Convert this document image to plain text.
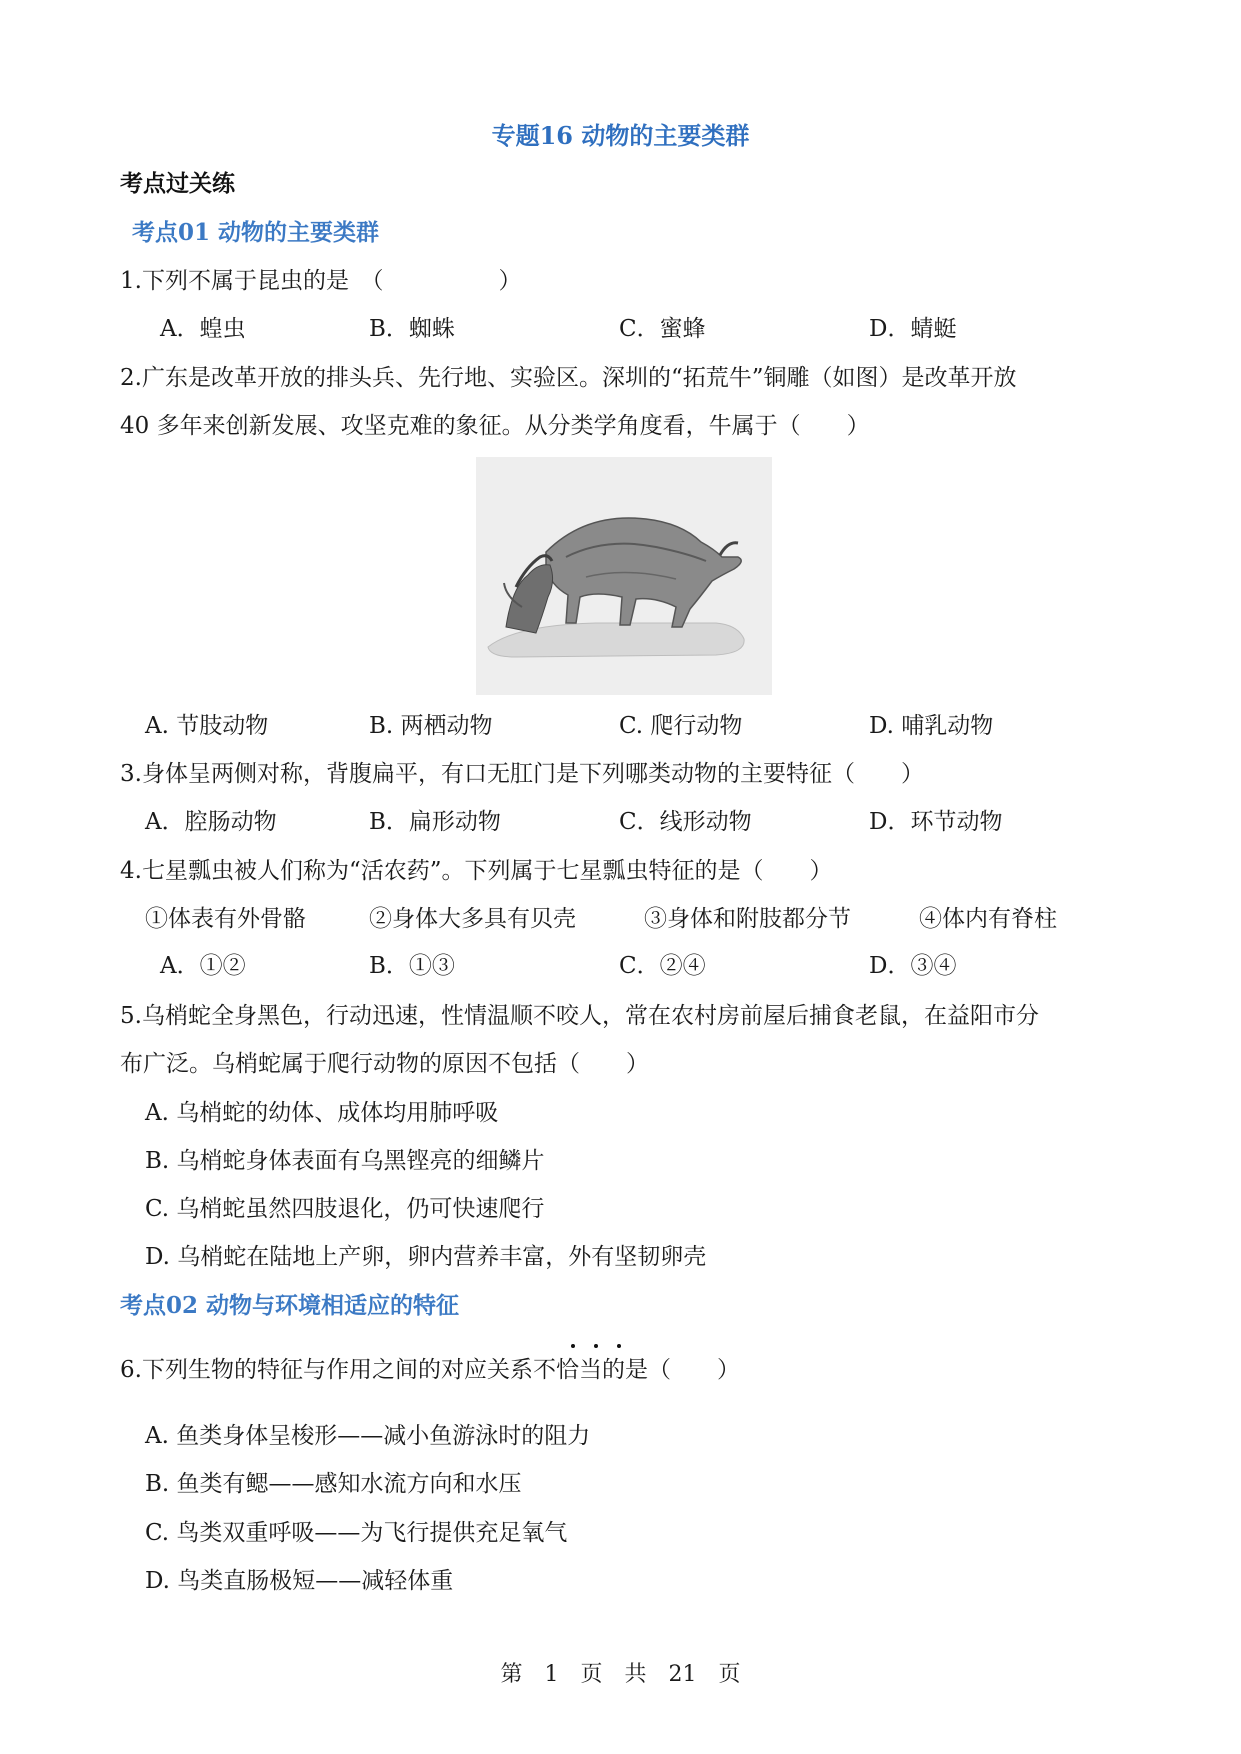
专题16 动物的主要类群
考点过关练
考点01 动物的主要类群
1.下列不属于昆虫的是　（　　　　　）
A．蝗虫	B．蜘蛛	C．蜜蜂	D．蜻蜓
2.广东是改革开放的排头兵、先行地、实验区。深圳的“拓荒牛”铜雕（如图）是改革开放
40 多年来创新发展、攻坚克难的象征。从分类学角度看，牛属于（　　）
A. 节肢动物	B. 两栖动物	C. 爬行动物	D. 哺乳动物
3.身体呈两侧对称，背腹扁平，有口无肛门是下列哪类动物的主要特征（　　）
A．腔肠动物	B．扁形动物	C．线形动物	D．环节动物
4.七星瓢虫被人们称为“活农药”。下列属于七星瓢虫特征的是（　　）
①体表有外骨骼	②身体大多具有贝壳	③身体和附肢都分节	④体内有脊柱
A．①②	B．①③	C．②④	D．③④
5.乌梢蛇全身黑色，行动迅速，性情温顺不咬人，常在农村房前屋后捕食老鼠，在益阳市分
布广泛。乌梢蛇属于爬行动物的原因不包括（　　）
A. 乌梢蛇的幼体、成体均用肺呼吸
B. 乌梢蛇身体表面有乌黑铿亮的细鳞片
C. 乌梢蛇虽然四肢退化，仍可快速爬行
D. 乌梢蛇在陆地上产卵，卵内营养丰富，外有坚韧卵壳
考点02 动物与环境相适应的特征
6.下列生物的特征与作用之间的对应关系不恰当的是（　　）
A. 鱼类身体呈梭形——减小鱼游泳时的阻力
B. 鱼类有鳃——感知水流方向和水压
C. 鸟类双重呼吸——为飞行提供充足氧气
D. 鸟类直肠极短——减轻体重
第　1　页　共　21　页
